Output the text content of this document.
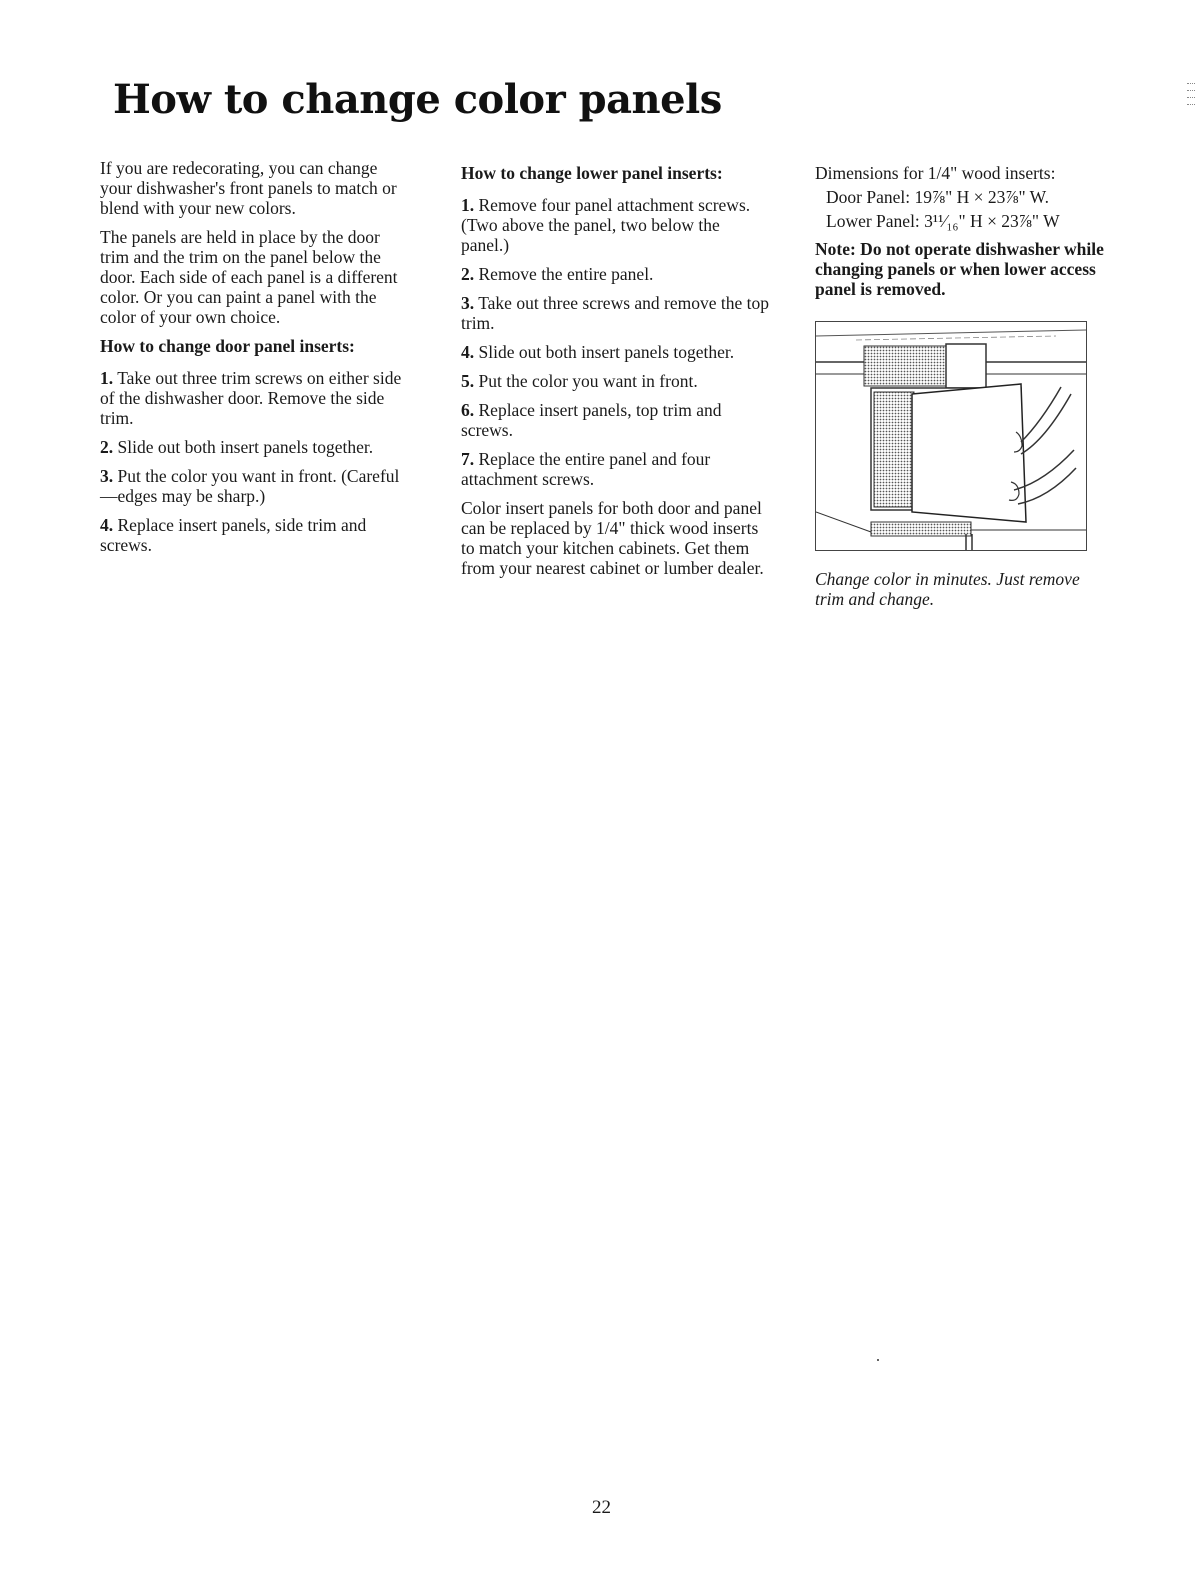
How to change color panels

If you are redecorating, you can change your dishwasher's front panels to match or blend with your new colors.

The panels are held in place by the door trim and the trim on the panel below the door. Each side of each panel is a different color. Or you can paint a panel with the color of your own choice.

How to change door panel inserts:

1. Take out three trim screws on either side of the dishwasher door. Remove the side trim.

2. Slide out both insert panels together.

3. Put the color you want in front. (Careful—edges may be sharp.)

4. Replace insert panels, side trim and screws.

How to change lower panel inserts:

1. Remove four panel attachment screws. (Two above the panel, two below the panel.)

2. Remove the entire panel.

3. Take out three screws and remove the top trim.

4. Slide out both insert panels together.

5. Put the color you want in front.

6. Replace insert panels, top trim and screws.

7. Replace the entire panel and four attachment screws.

Color insert panels for both door and panel can be replaced by 1/4" thick wood inserts to match your kitchen cabinets. Get them from your nearest cabinet or lumber dealer.

Dimensions for 1/4" wood inserts:

Door Panel: 19⅞" H × 23⅞" W.

Lower Panel: 3¹¹⁄₁₆" H × 23⅞" W

Note: Do not operate dishwasher while changing panels or when lower access panel is removed.

Change color in minutes. Just remove trim and change.

22
